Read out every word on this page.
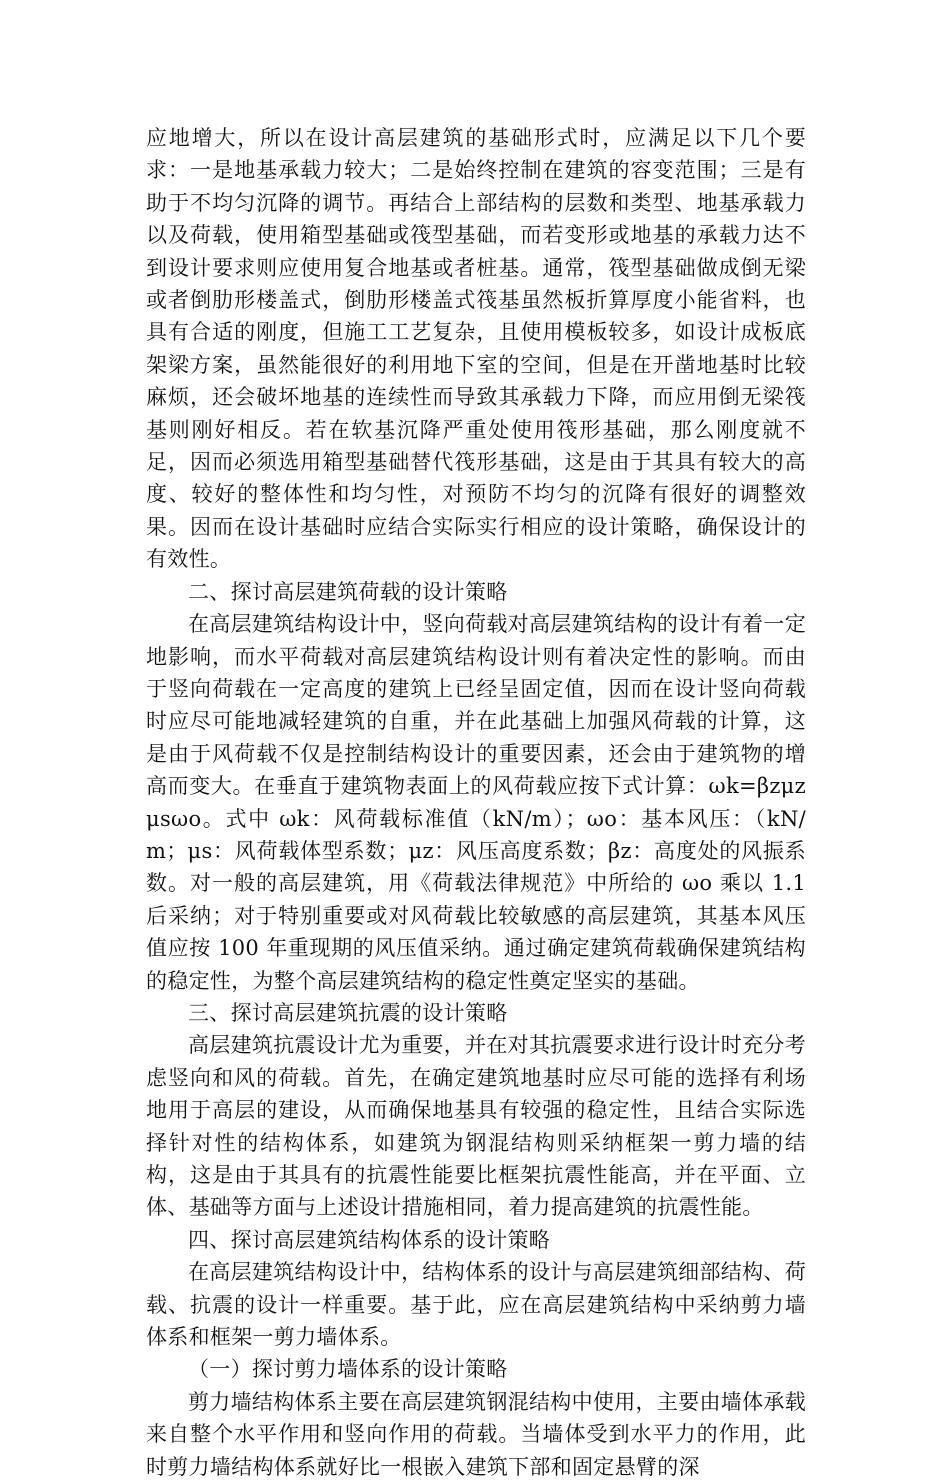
应地增大，所以在设计高层建筑的基础形式时，应满足以下几个要求：一是地基承载力较大；二是始终控制在建筑的容变范围；三是有助于不均匀沉降的调节。再结合上部结构的层数和类型、地基承载力以及荷载，使用箱型基础或筏型基础，而若变形或地基的承载力达不到设计要求则应使用复合地基或者桩基。通常，筏型基础做成倒无梁或者倒肋形楼盖式，倒肋形楼盖式筏基虽然板折算厚度小能省料，也具有合适的刚度，但施工工艺复杂，且使用模板较多，如设计成板底架梁方案，虽然能很好的利用地下室的空间，但是在开凿地基时比较麻烦，还会破坏地基的连续性而导致其承载力下降，而应用倒无梁筏基则刚好相反。若在软基沉降严重处使用筏形基础，那么刚度就不足，因而必须选用箱型基础替代筏形基础，这是由于其具有较大的高度、较好的整体性和均匀性，对预防不均匀的沉降有很好的调整效果。因而在设计基础时应结合实际实行相应的设计策略，确保设计的有效性。

二、探讨高层建筑荷载的设计策略

在高层建筑结构设计中，竖向荷载对高层建筑结构的设计有着一定地影响，而水平荷载对高层建筑结构设计则有着决定性的影响。而由于竖向荷载在一定高度的建筑上已经呈固定值，因而在设计竖向荷载时应尽可能地减轻建筑的自重，并在此基础上加强风荷载的计算，这是由于风荷载不仅是控制结构设计的重要因素，还会由于建筑物的增高而变大。在垂直于建筑物表面上的风荷载应按下式计算：ωk=βzμzμsωo。式中 ωk：风荷载标准值（kN/m）；ωo：基本风压：（kN/m；μs：风荷载体型系数；μz：风压高度系数；βz：高度处的风振系数。对一般的高层建筑，用《荷载法律规范》中所给的 ωo 乘以 1.1 后采纳；对于特别重要或对风荷载比较敏感的高层建筑，其基本风压值应按 100 年重现期的风压值采纳。通过确定建筑荷载确保建筑结构的稳定性，为整个高层建筑结构的稳定性奠定坚实的基础。

三、探讨高层建筑抗震的设计策略

高层建筑抗震设计尤为重要，并在对其抗震要求进行设计时充分考虑竖向和风的荷载。首先，在确定建筑地基时应尽可能的选择有利场地用于高层的建设，从而确保地基具有较强的稳定性，且结合实际选择针对性的结构体系，如建筑为钢混结构则采纳框架一剪力墙的结构，这是由于其具有的抗震性能要比框架抗震性能高，并在平面、立体、基础等方面与上述设计措施相同，着力提高建筑的抗震性能。

四、探讨高层建筑结构体系的设计策略

在高层建筑结构设计中，结构体系的设计与高层建筑细部结构、荷载、抗震的设计一样重要。基于此，应在高层建筑结构中采纳剪力墙体系和框架一剪力墙体系。

（一）探讨剪力墙体系的设计策略

剪力墙结构体系主要在高层建筑钢混结构中使用，主要由墙体承载来自整个水平作用和竖向作用的荷载。当墙体受到水平力的作用，此时剪力墙结构体系就好比一根嵌入建筑下部和固定悬臂的深
